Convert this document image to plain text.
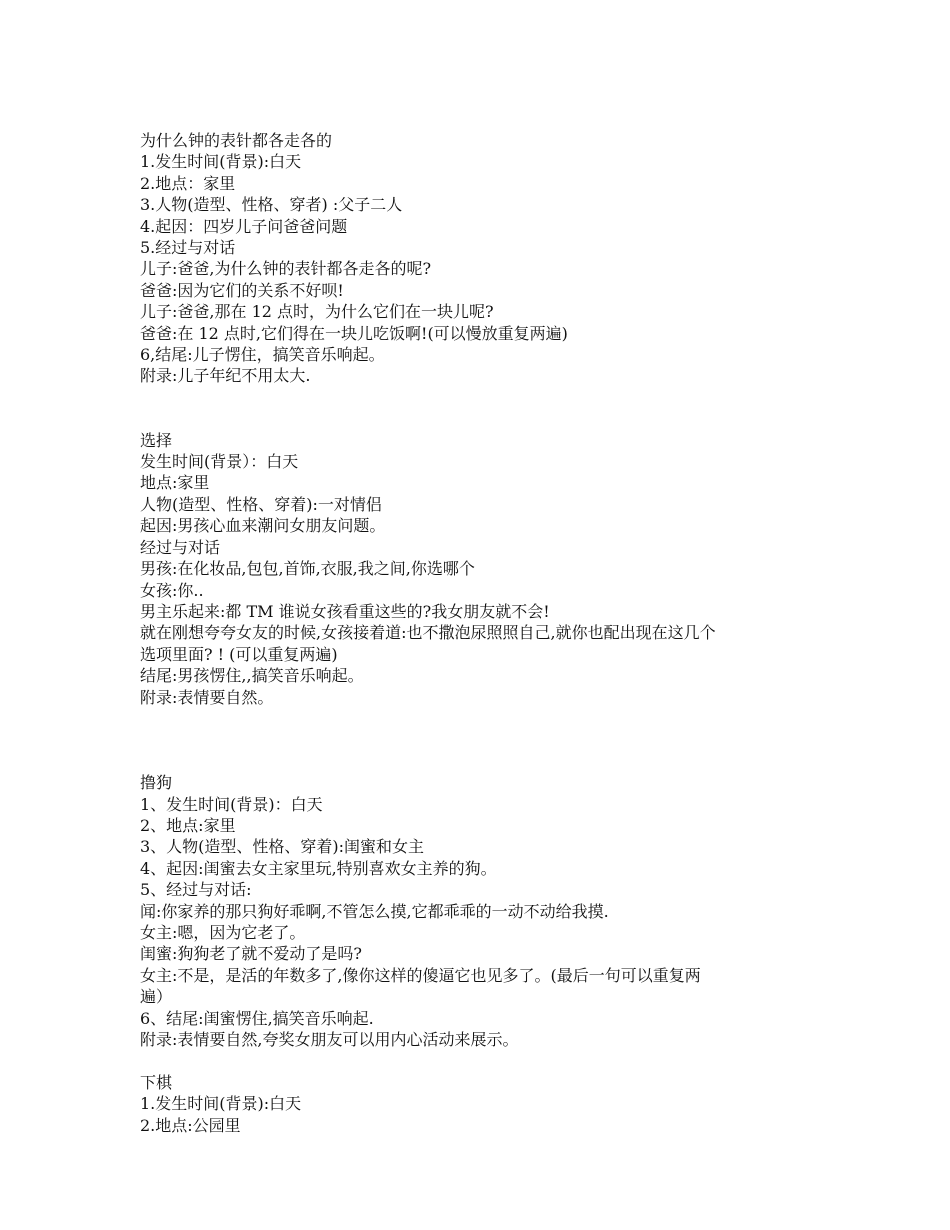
为什么钟的表针都各走各的
1.发生时间(背景):白天
2.地点：家里
3.人物(造型、性格、穿者) :父子二人
4.起因：四岁儿子问爸爸问题
5.经过与对话
儿子:爸爸,为什么钟的表针都各走各的呢?
爸爸:因为它们的关系不好呗!
儿子:爸爸,那在 12 点时，为什么它们在一块儿呢?
爸爸:在 12 点时,它们得在一块儿吃饭啊!(可以慢放重复两遍)
6,结尾:儿子愣住，搞笑音乐响起。
附录:儿子年纪不用太大.
选择
发生时间(背景）：白天
地点:家里
人物(造型、性格、穿着):一对情侣
起因:男孩心血来潮问女朋友问题。
经过与对话
男孩:在化妆品,包包,首饰,衣服,我之间,你选哪个
女孩:你..
男主乐起来:都 TM 谁说女孩看重这些的?我女朋友就不会!
就在刚想夸夸女友的时候,女孩接着道:也不撒泡尿照照自己,就你也配出现在这几个
选项里面? ! (可以重复两遍)
结尾:男孩愣住,,搞笑音乐响起。
附录:表情要自然。
撸狗
1、发生时间(背景)：白天
2、地点:家里
3、人物(造型、性格、穿着):闺蜜和女主
4、起因:闺蜜去女主家里玩,特别喜欢女主养的狗。
5、经过与对话:
闻:你家养的那只狗好乖啊,不管怎么摸,它都乖乖的一动不动给我摸.
女主:嗯，因为它老了。
闺蜜:狗狗老了就不爱动了是吗?
女主:不是，是活的年数多了,像你这样的傻逼它也见多了。(最后一句可以重复两
遍）
6、结尾:闺蜜愣住,搞笑音乐响起.
附录:表情要自然,夸奖女朋友可以用内心活动来展示。
下棋
1.发生时间(背景):白天
2.地点:公园里
